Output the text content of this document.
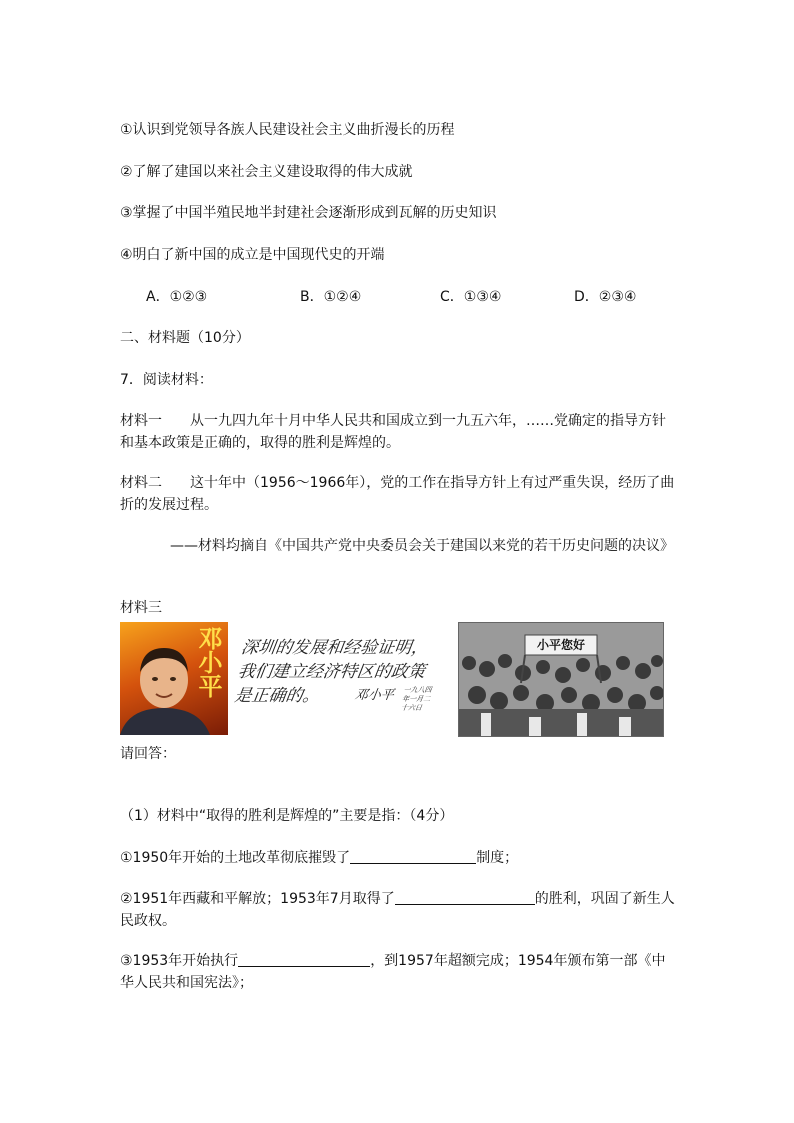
①认识到党领导各族人民建设社会主义曲折漫长的历程
②了解了建国以来社会主义建设取得的伟大成就
③掌握了中国半殖民地半封建社会逐渐形成到瓦解的历史知识
④明白了新中国的成立是中国现代史的开端
A．①②③	B．①②④	C．①③④	D．②③④
二、材料题（10分）
7．阅读材料：
材料一　　从一九四九年十月中华人民共和国成立到一九五六年，……党确定的指导方针和基本政策是正确的，取得的胜利是辉煌的。
材料二　　这十年中（1956～1966年），党的工作在指导方针上有过严重失误，经历了曲折的发展过程。
——材料均摘自《中国共产党中央委员会关于建国以来党的若干历史问题的决议》
材料三
邓小平 深圳的发展和经验证明，
我们建立经济特区的政策
是正确的。	邓小平	一九八四年一月二十六日
小平您好
请回答：
（1）材料中“取得的胜利是辉煌的”主要是指：（4分）
①1950年开始的土地改革彻底摧毁了	制度；
②1951年西藏和平解放；1953年7月取得了	的胜利，巩固了新生人民政权。
③1953年开始执行	，到1957年超额完成；1954年颁布第一部《中华人民共和国宪法》；
